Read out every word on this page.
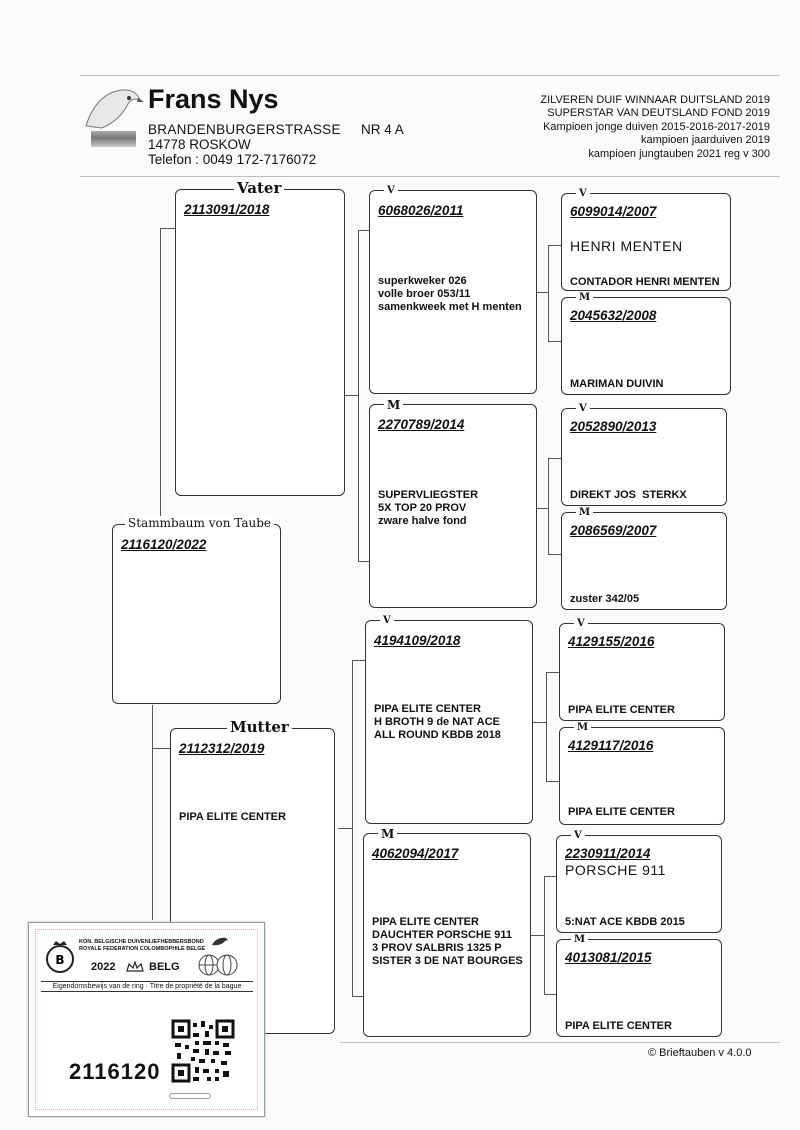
Frans Nys
BRANDENBURGERSTRASSE NR 4 A
14778 ROSKOW
Telefon : 0049 172-7176072
ZILVEREN DUIF WINNAAR DUITSLAND 2019
SUPERSTAR VAN DEUTSLAND FOND 2019
Kampioen jonge duiven 2015-2016-2017-2019
kampioen jaarduiven 2019
kampioen jungtauben 2021 reg v 300
Stammbaum von Taube
2116120/2022
Vater
2113091/2018
Mutter
2112312/2019
PIPA ELITE CENTER
V
6068026/2011
superkweker 026
volle broer 053/11
samenkweek met H menten
M
2270789/2014
SUPERVLIEGSTER
5X TOP 20 PROV
zware halve fond
V
4194109/2018
PIPA ELITE CENTER
H BROTH 9 de NAT ACE
ALL ROUND KBDB 2018
M
4062094/2017
PIPA ELITE CENTER
DAUCHTER PORSCHE 911
3 PROV SALBRIS 1325 P
SISTER 3 DE NAT BOURGES
V
6099014/2007
HENRI MENTEN
CONTADOR HENRI MENTEN
M
2045632/2008
MARIMAN DUIVIN
V
2052890/2013
DIREKT JOS  STERKX
M
2086569/2007
zuster 342/05
V
4129155/2016
PIPA ELITE CENTER
M
4129117/2016
PIPA ELITE CENTER
V
2230911/2014
PORSCHE 911
5:NAT ACE KBDB 2015
M
4013081/2015
PIPA ELITE CENTER
© Brieftauben v 4.0.0
B
KON. BELGISCHE DUIVENLIEFHEBBERSBOND
ROYALE FEDERATION COLOMBOPHILE BELGE
2022	BELG
Eigendomsbewijs van de ring · Titre de propriété de la bague
2116120
